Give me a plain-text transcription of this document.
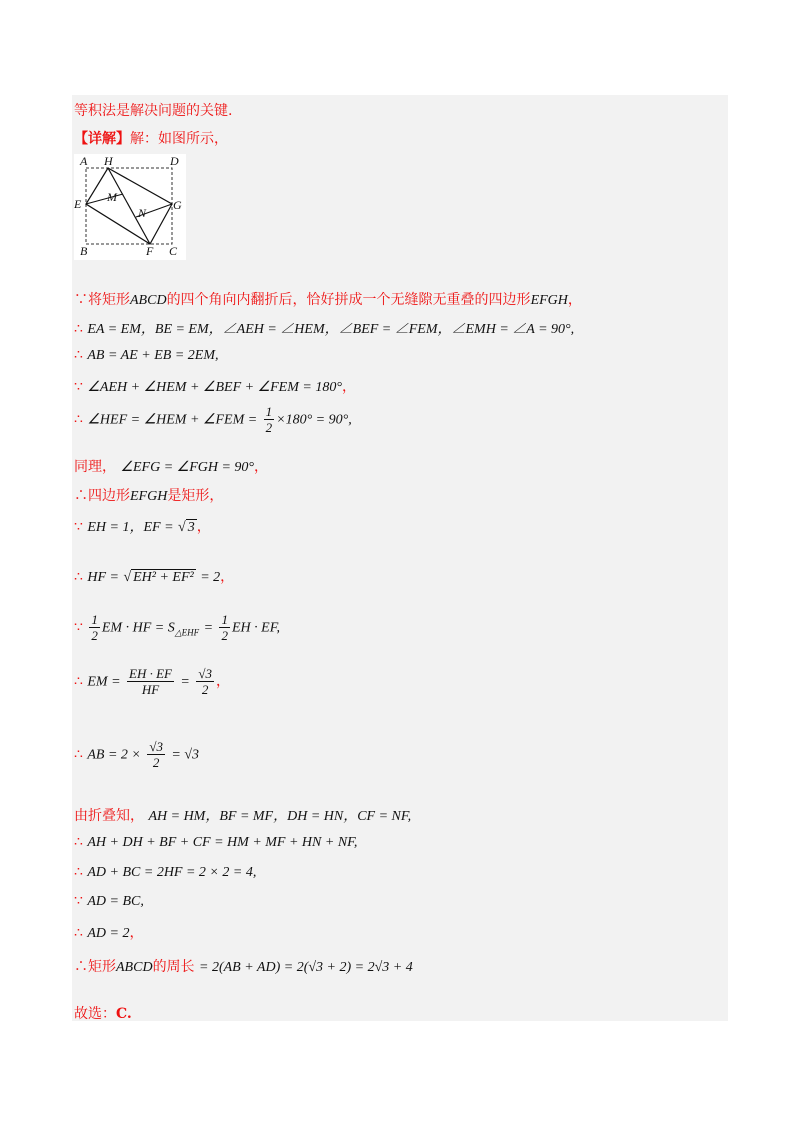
等积法是解决问题的关键.
【详解】解：如图所示，
A H	D
E M
N
G
B	F C
∵将矩形ABCD的四个角向内翻折后，恰好拼成一个无缝隙无重叠的四边形EFGH，
∴ EA = EM，BE = EM，∠AEH = ∠HEM，∠BEF = ∠FEM，∠EMH = ∠A = 90°,
∴ AB = AE + EB = 2EM,
∵ ∠AEH + ∠HEM + ∠BEF + ∠FEM = 180°，
∴ ∠HEF = ∠HEM + ∠FEM = $\frac{1}{2} \times 180^\circ = 90^\circ$,
同理， ∠EFG = ∠FGH = 90°，
∴四边形EFGH是矩形，
∵ EH = 1，EF = √ 3 ，
∴ HF = √ EH² + EF² = 2，
∵ $\frac{1}{2}$ EM · HF = $S_{\triangle EHF} = \frac{1}{2}$ EH · EF,
∴ EM = $\frac{EH \cdot EF}{HF} = \frac{√3}{2}$ ，
∴ AB = $2 \times \frac{√3}{2} = √3$
由折叠知， AH = HM，BF = MF，DH = HN，CF = NF,
∴ AH + DH + BF + CF = HM + MF + HN + NF,
∴ AD + BC = 2HF = 2 × 2 = 4,
∵ AD = BC,
∴ AD = 2，
∴矩形ABCD的周长 = 2(AB + AD) = 2(√3 + 2) = 2√3 + 4
故选：C.
